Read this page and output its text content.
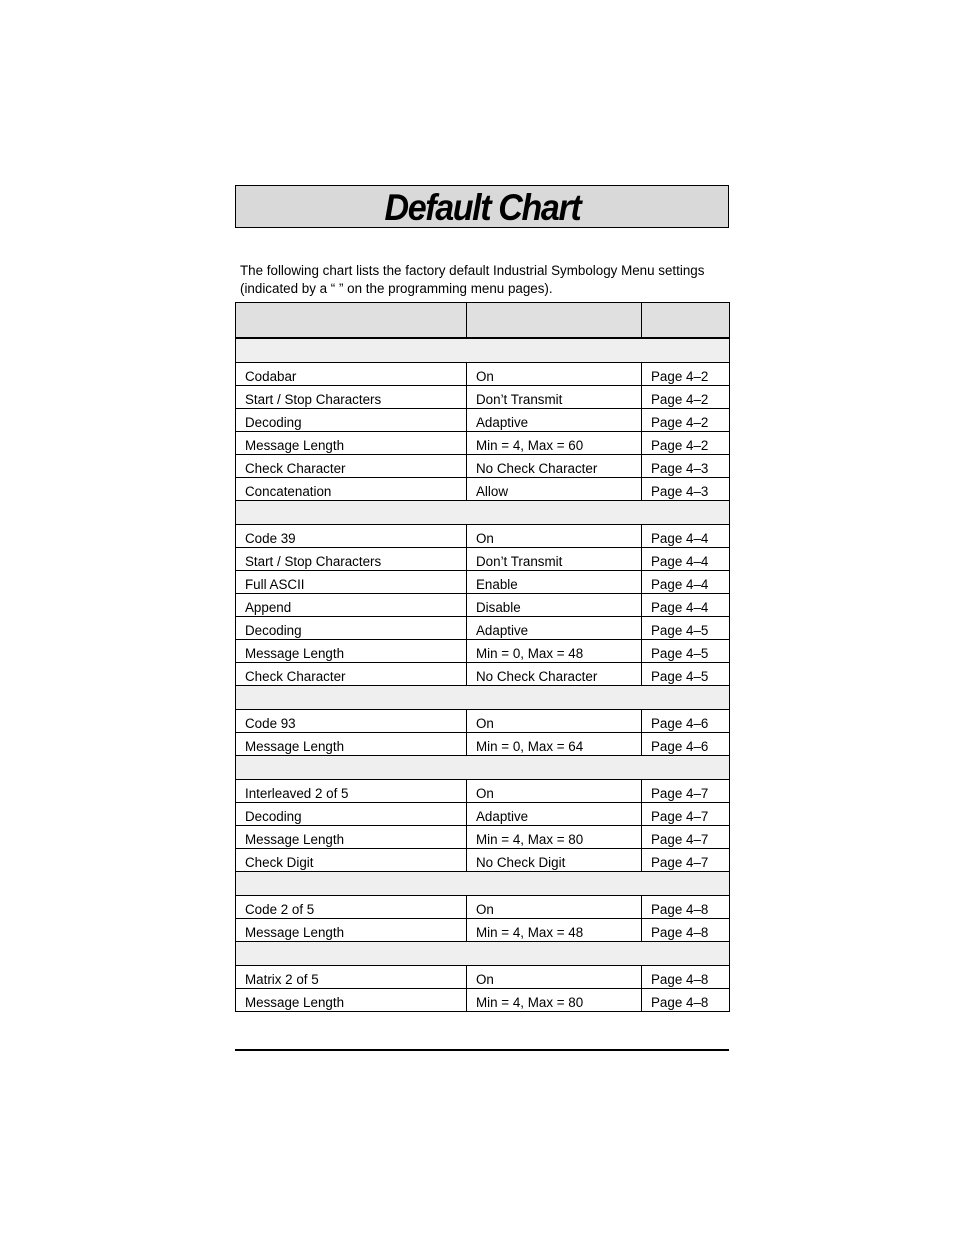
Default Chart

The following chart lists the factory default Industrial Symbology Menu settings

(indicated by a “ ” on the programming menu pages).

Codabar	On	Page 4–2
Start / Stop Characters	Don’t Transmit	Page 4–2
Decoding	Adaptive	Page 4–2
Message Length	Min = 4, Max = 60	Page 4–2
Check Character	No Check Character	Page 4–3
Concatenation	Allow	Page 4–3

Code 39	On	Page 4–4
Start / Stop Characters	Don’t Transmit	Page 4–4
Full ASCII	Enable	Page 4–4
Append	Disable	Page 4–4
Decoding	Adaptive	Page 4–5
Message Length	Min = 0, Max = 48	Page 4–5
Check Character	No Check Character	Page 4–5

Code 93	On	Page 4–6
Message Length	Min = 0, Max = 64	Page 4–6

Interleaved 2 of 5	On	Page 4–7
Decoding	Adaptive	Page 4–7
Message Length	Min = 4, Max = 80	Page 4–7
Check Digit	No Check Digit	Page 4–7

Code 2 of 5	On	Page 4–8
Message Length	Min = 4, Max = 48	Page 4–8

Matrix 2 of 5	On	Page 4–8
Message Length	Min = 4, Max = 80	Page 4–8
